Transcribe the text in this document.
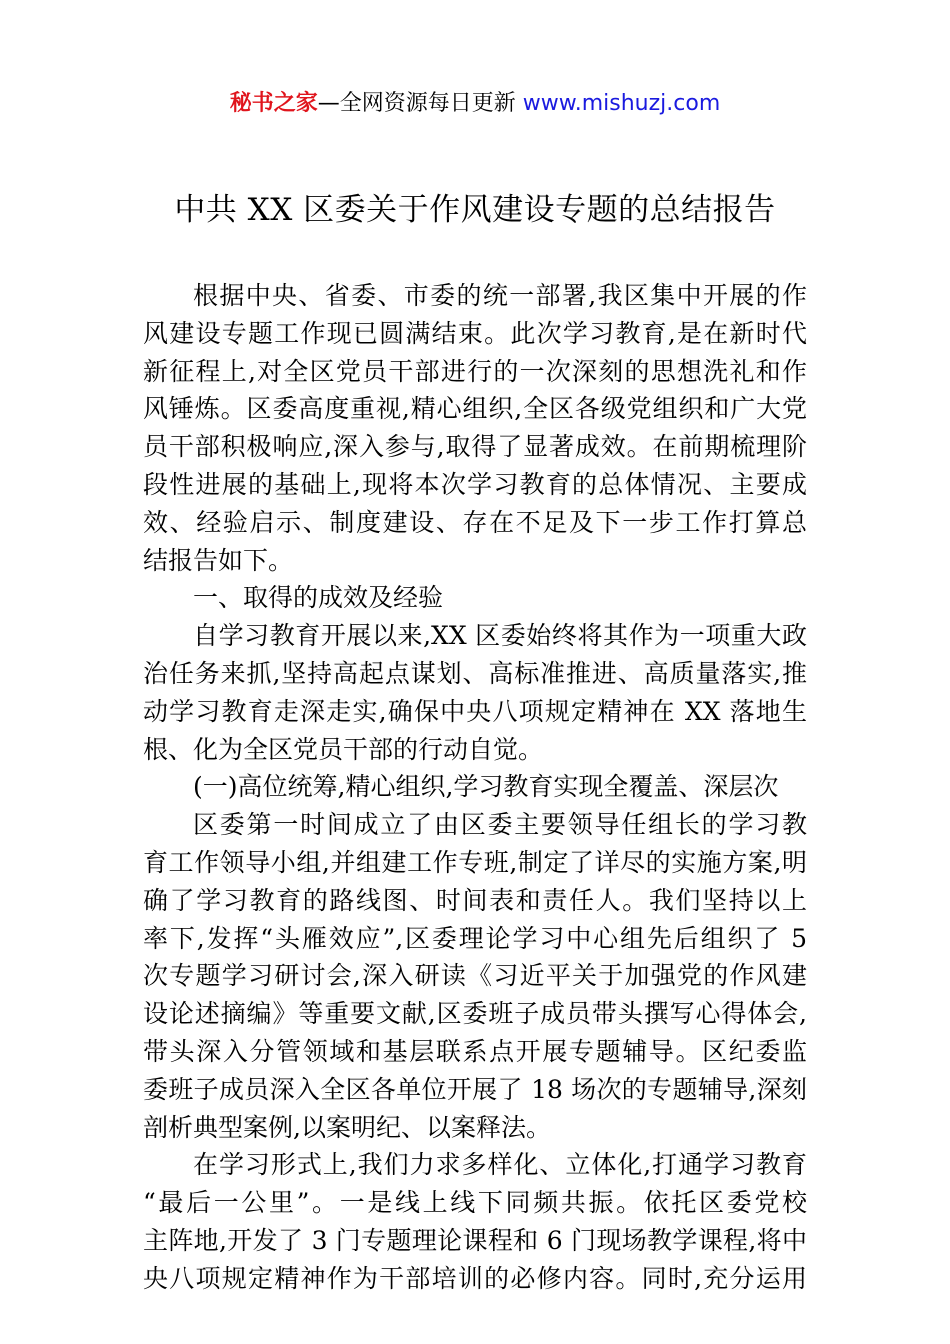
秘书之家—全网资源每日更新 www.mishuzj.com
中共 XX 区委关于作风建设专题的总结报告
根据中央、省委、市委的统一部署,我区集中开展的作
风建设专题工作现已圆满结束。此次学习教育,是在新时代
新征程上,对全区党员干部进行的一次深刻的思想洗礼和作
风锤炼。区委高度重视,精心组织,全区各级党组织和广大党
员干部积极响应,深入参与,取得了显著成效。在前期梳理阶
段性进展的基础上,现将本次学习教育的总体情况、主要成
效、经验启示、制度建设、存在不足及下一步工作打算总
结报告如下。
一、取得的成效及经验
自学习教育开展以来,XX 区委始终将其作为一项重大政
治任务来抓,坚持高起点谋划、高标准推进、高质量落实,推
动学习教育走深走实,确保中央八项规定精神在 XX 落地生
根、化为全区党员干部的行动自觉。
(一)高位统筹,精心组织,学习教育实现全覆盖、深层次
区委第一时间成立了由区委主要领导任组长的学习教
育工作领导小组,并组建工作专班,制定了详尽的实施方案,明
确了学习教育的路线图、时间表和责任人。我们坚持以上
率下,发挥“头雁效应”,区委理论学习中心组先后组织了 5
次专题学习研讨会,深入研读《习近平关于加强党的作风建
设论述摘编》等重要文献,区委班子成员带头撰写心得体会,
带头深入分管领域和基层联系点开展专题辅导。区纪委监
委班子成员深入全区各单位开展了 18 场次的专题辅导,深刻
剖析典型案例,以案明纪、以案释法。
在学习形式上,我们力求多样化、立体化,打通学习教育
“最后一公里”。一是线上线下同频共振。依托区委党校
主阵地,开发了 3 门专题理论课程和 6 门现场教学课程,将中
央八项规定精神作为干部培训的必修内容。同时,充分运用
